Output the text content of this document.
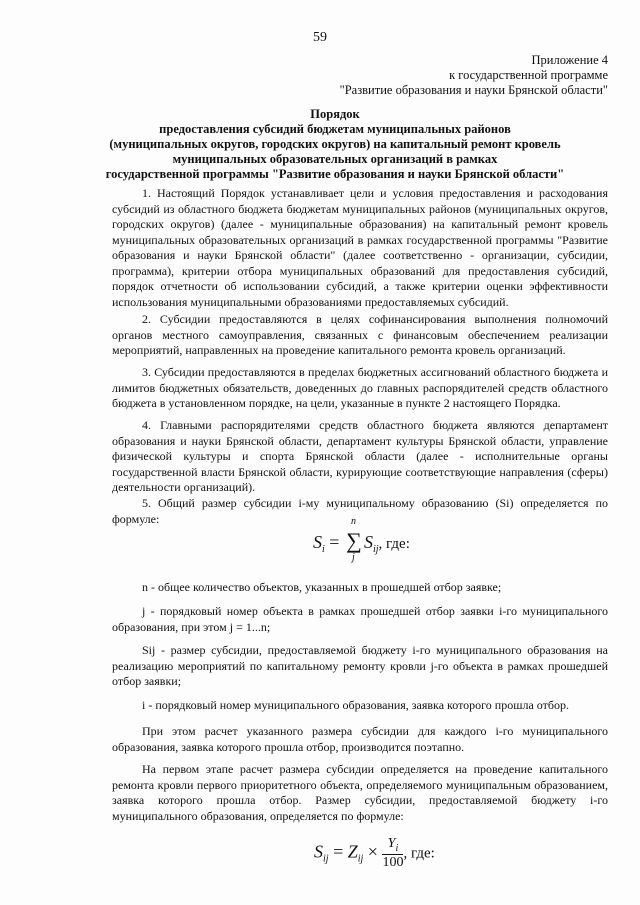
59
Приложение 4
к государственной программе
"Развитие образования и науки Брянской области"
Порядок
предоставления субсидий бюджетам муниципальных районов
(муниципальных округов, городских округов) на капитальный ремонт кровель
муниципальных образовательных организаций в рамках
государственной программы "Развитие образования и науки Брянской области"

1. Настоящий Порядок устанавливает цели и условия предоставления и расходования субсидий из областного бюджета бюджетам муниципальных районов (муниципальных округов, городских округов) (далее - муниципальные образования) на капитальный ремонт кровель муниципальных образовательных организаций в рамках государственной программы "Развитие образования и науки Брянской области" (далее соответственно - организации, субсидии, программа), критерии отбора муниципальных образований для предоставления субсидий, порядок отчетности об использовании субсидий, а также критерии оценки эффективности использования муниципальными образованиями предоставляемых субсидий.

2. Субсидии предоставляются в целях софинансирования выполнения полномочий органов местного самоуправления, связанных с финансовым обеспечением реализации мероприятий, направленных на проведение капитального ремонта кровель организаций.

3. Субсидии предоставляются в пределах бюджетных ассигнований областного бюджета и лимитов бюджетных обязательств, доведенных до главных распорядителей средств областного бюджета в установленном порядке, на цели, указанные в пункте 2 настоящего Порядка.

4. Главными распорядителями средств областного бюджета являются департамент образования и науки Брянской области, департамент культуры Брянской области, управление физической культуры и спорта Брянской области (далее - исполнительные органы государственной власти Брянской области, курирующие соответствующие направления (сферы) деятельности организаций).

5. Общий размер субсидии i-му муниципальному образованию (Si) определяется по формуле:

$S_i$ =
n
∑
j
$S_{ij}$, где:

n - общее количество объектов, указанных в прошедшей отбор заявке;

j - порядковый номер объекта в рамках прошедшей отбор заявки i-го муниципального образования, при этом j = 1...n;

Sij - размер субсидии, предоставляемой бюджету i-го муниципального образования на реализацию мероприятий по капитальному ремонту кровли j-го объекта в рамках прошедшей отбор заявки;

i - порядковый номер муниципального образования, заявка которого прошла отбор.

При этом расчет указанного размера субсидии для каждого i-го муниципального образования, заявка которого прошла отбор, производится поэтапно.

На первом этапе расчет размера субсидии определяется на проведение капитального ремонта кровли первого приоритетного объекта, определяемого муниципальным образованием, заявка которого прошла отбор. Размер субсидии, предоставляемой бюджету i-го муниципального образования, определяется по формуле:

$S_{ij} = Z_{ij} \times \frac{Y_i}{100}$ , где:
